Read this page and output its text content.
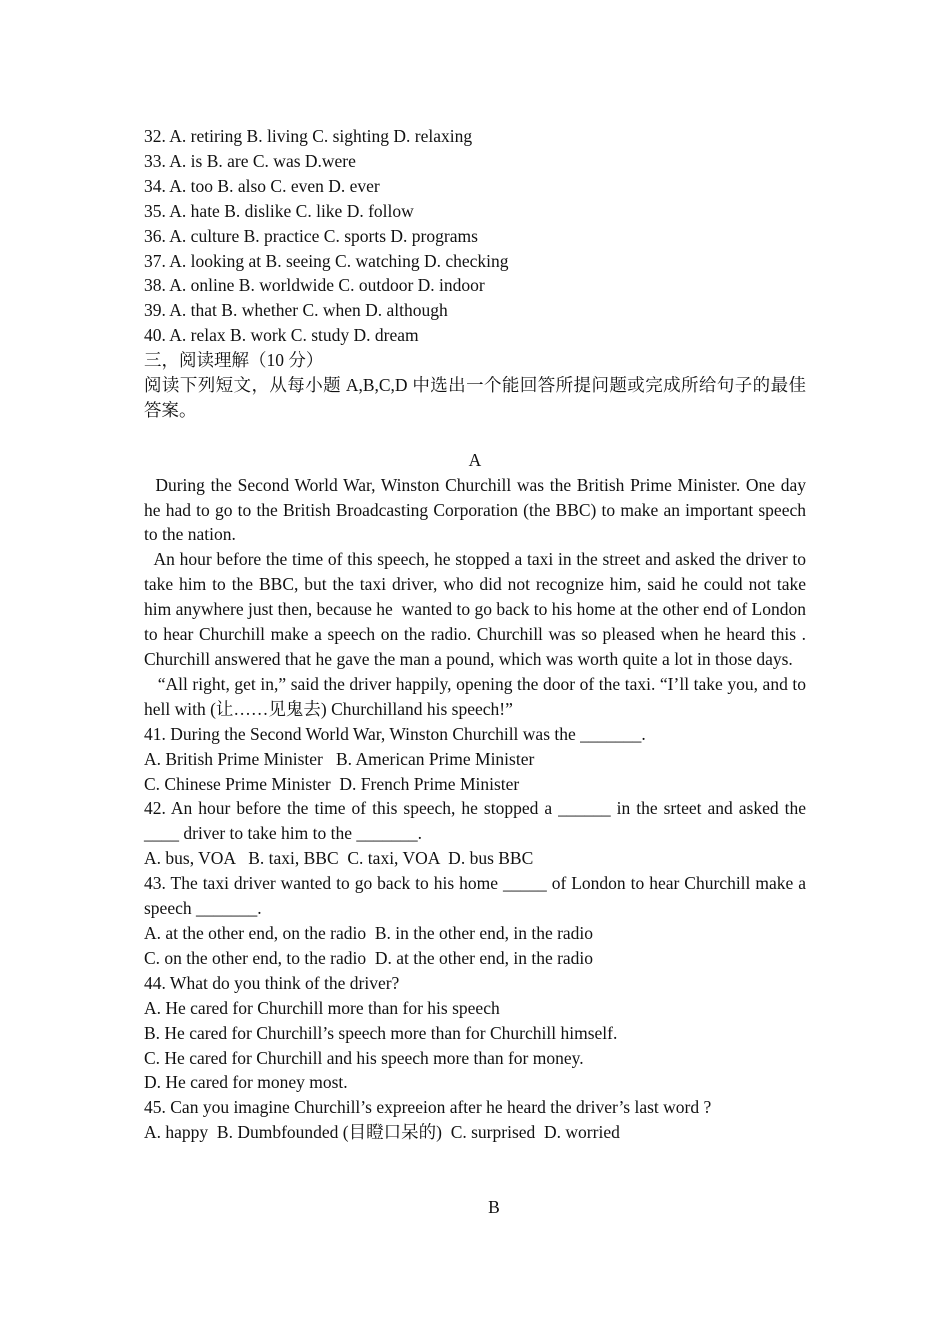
32. A. retiring B. living C. sighting D. relaxing
33. A. is B. are C. was D.were
34. A. too B. also C. even D. ever
35. A. hate B. dislike C. like D. follow
36. A. culture B. practice C. sports D. programs
37. A. looking at B. seeing C. watching D. checking
38. A. online B. worldwide C. outdoor D. indoor
39. A. that B. whether C. when D. although
40. A. relax B. work C. study D. dream
三，阅读理解（10 分）
阅读下列短文，从每小题 A,B,C,D 中选出一个能回答所提问题或完成所给句子的最佳答案。
A
During the Second World War, Winston Churchill was the British Prime Minister. One day he had to go to the British Broadcasting Corporation (the BBC) to make an important speech to the nation.
An hour before the time of this speech, he stopped a taxi in the street and asked the driver to take him to the BBC, but the taxi driver, who did not recognize him, said he could not take him anywhere just then, because he  wanted to go back to his home at the other end of London to hear Churchill make a speech on the radio. Churchill was so pleased when he heard this . Churchill answered that he gave the man a pound, which was worth quite a lot in those days.
“All right, get in,” said the driver happily, opening the door of the taxi. “I’ll take you, and to hell with (让……见鬼去) Churchilland his speech!”
41. During the Second World War, Winston Churchill was the _______.
A. British Prime Minister   B. American Prime Minister
C. Chinese Prime Minister  D. French Prime Minister
42. An hour before the time of this speech, he stopped a ______ in the srteet and asked the ____ driver to take him to the _______.
A. bus, VOA   B. taxi, BBC  C. taxi, VOA  D. bus BBC
43. The taxi driver wanted to go back to his home _____ of London to hear Churchill make a speech _______.
A. at the other end, on the radio  B. in the other end, in the radio
C. on the other end, to the radio  D. at the other end, in the radio
44. What do you think of the driver?
A. He cared for Churchill more than for his speech
B. He cared for Churchill’s speech more than for Churchill himself.
C. He cared for Churchill and his speech more than for money.
D. He cared for money most.
45. Can you imagine Churchill’s expreeion after he heard the driver’s last word ?
A. happy  B. Dumbfounded (目瞪口呆的)  C. surprised  D. worried
B
